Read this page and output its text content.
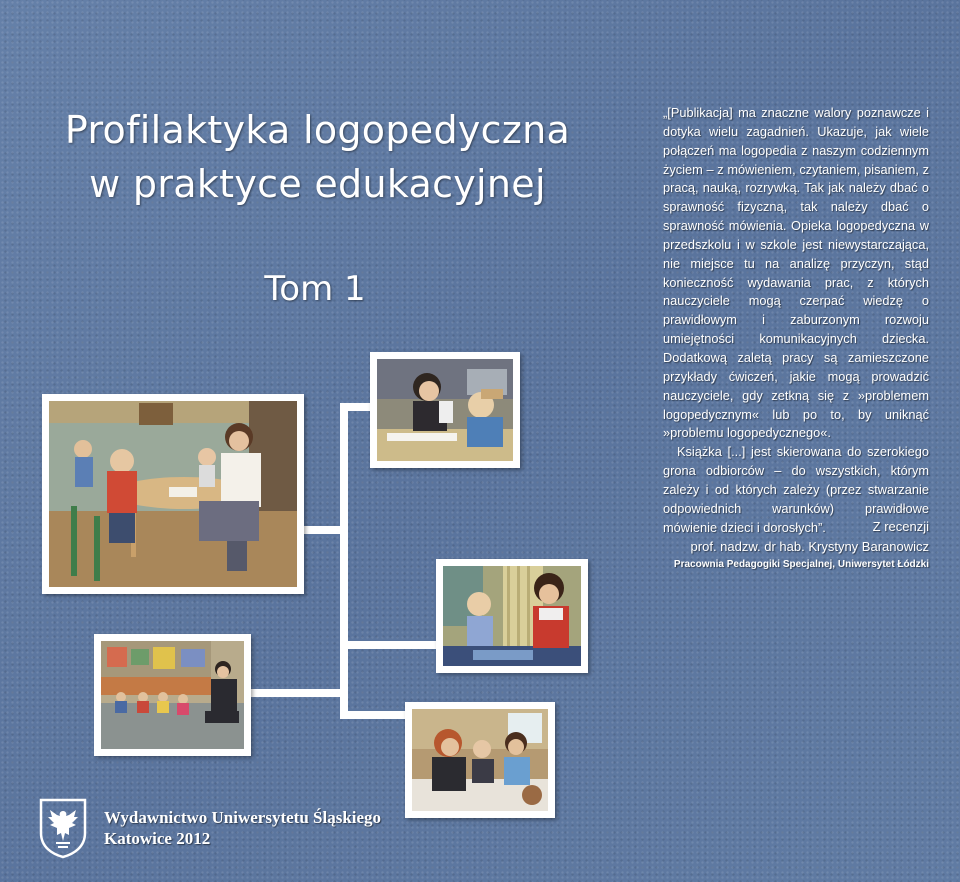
Profilaktyka logopedyczna
w praktyce edukacyjnej
Tom 1

„[Publikacja] ma znaczne walory poznawcze i dotyka wielu zagadnień. Ukazuje, jak wiele połączeń ma logopedia z naszym codziennym życiem – z mówieniem, czytaniem, pisaniem, z pracą, nauką, rozrywką. Tak jak należy dbać o sprawność fizyczną, tak należy dbać o sprawność mówienia. Opieka logopedyczna w przedszkolu i w szkole jest niewystarczająca, nie miejsce tu na analizę przyczyn, stąd konieczność wydawania prac, z których nauczyciele mogą czerpać wiedzę o prawidłowym i zaburzonym rozwoju umiejętności komunikacyjnych dziecka. Dodatkową zaletą pracy są zamieszczone przykłady ćwiczeń, jakie mogą prowadzić nauczyciele, gdy zetkną się z »problemem logopedycznym« lub po to, by uniknąć »problemu logopedycznego«.

Książka [...] jest skierowana do szerokiego grona odbiorców – do wszystkich, którym zależy i od których zależy (przez stwarzanie odpowiednich warunków) prawidłowe mówienie dzieci i dorosłych”.	Z recenzji
prof. nadzw. dr hab. Krystyny Baranowicz
Pracownia Pedagogiki Specjalnej, Uniwersytet Łódzki
Wydawnictwo Uniwersytetu Śląskiego
Katowice 2012
